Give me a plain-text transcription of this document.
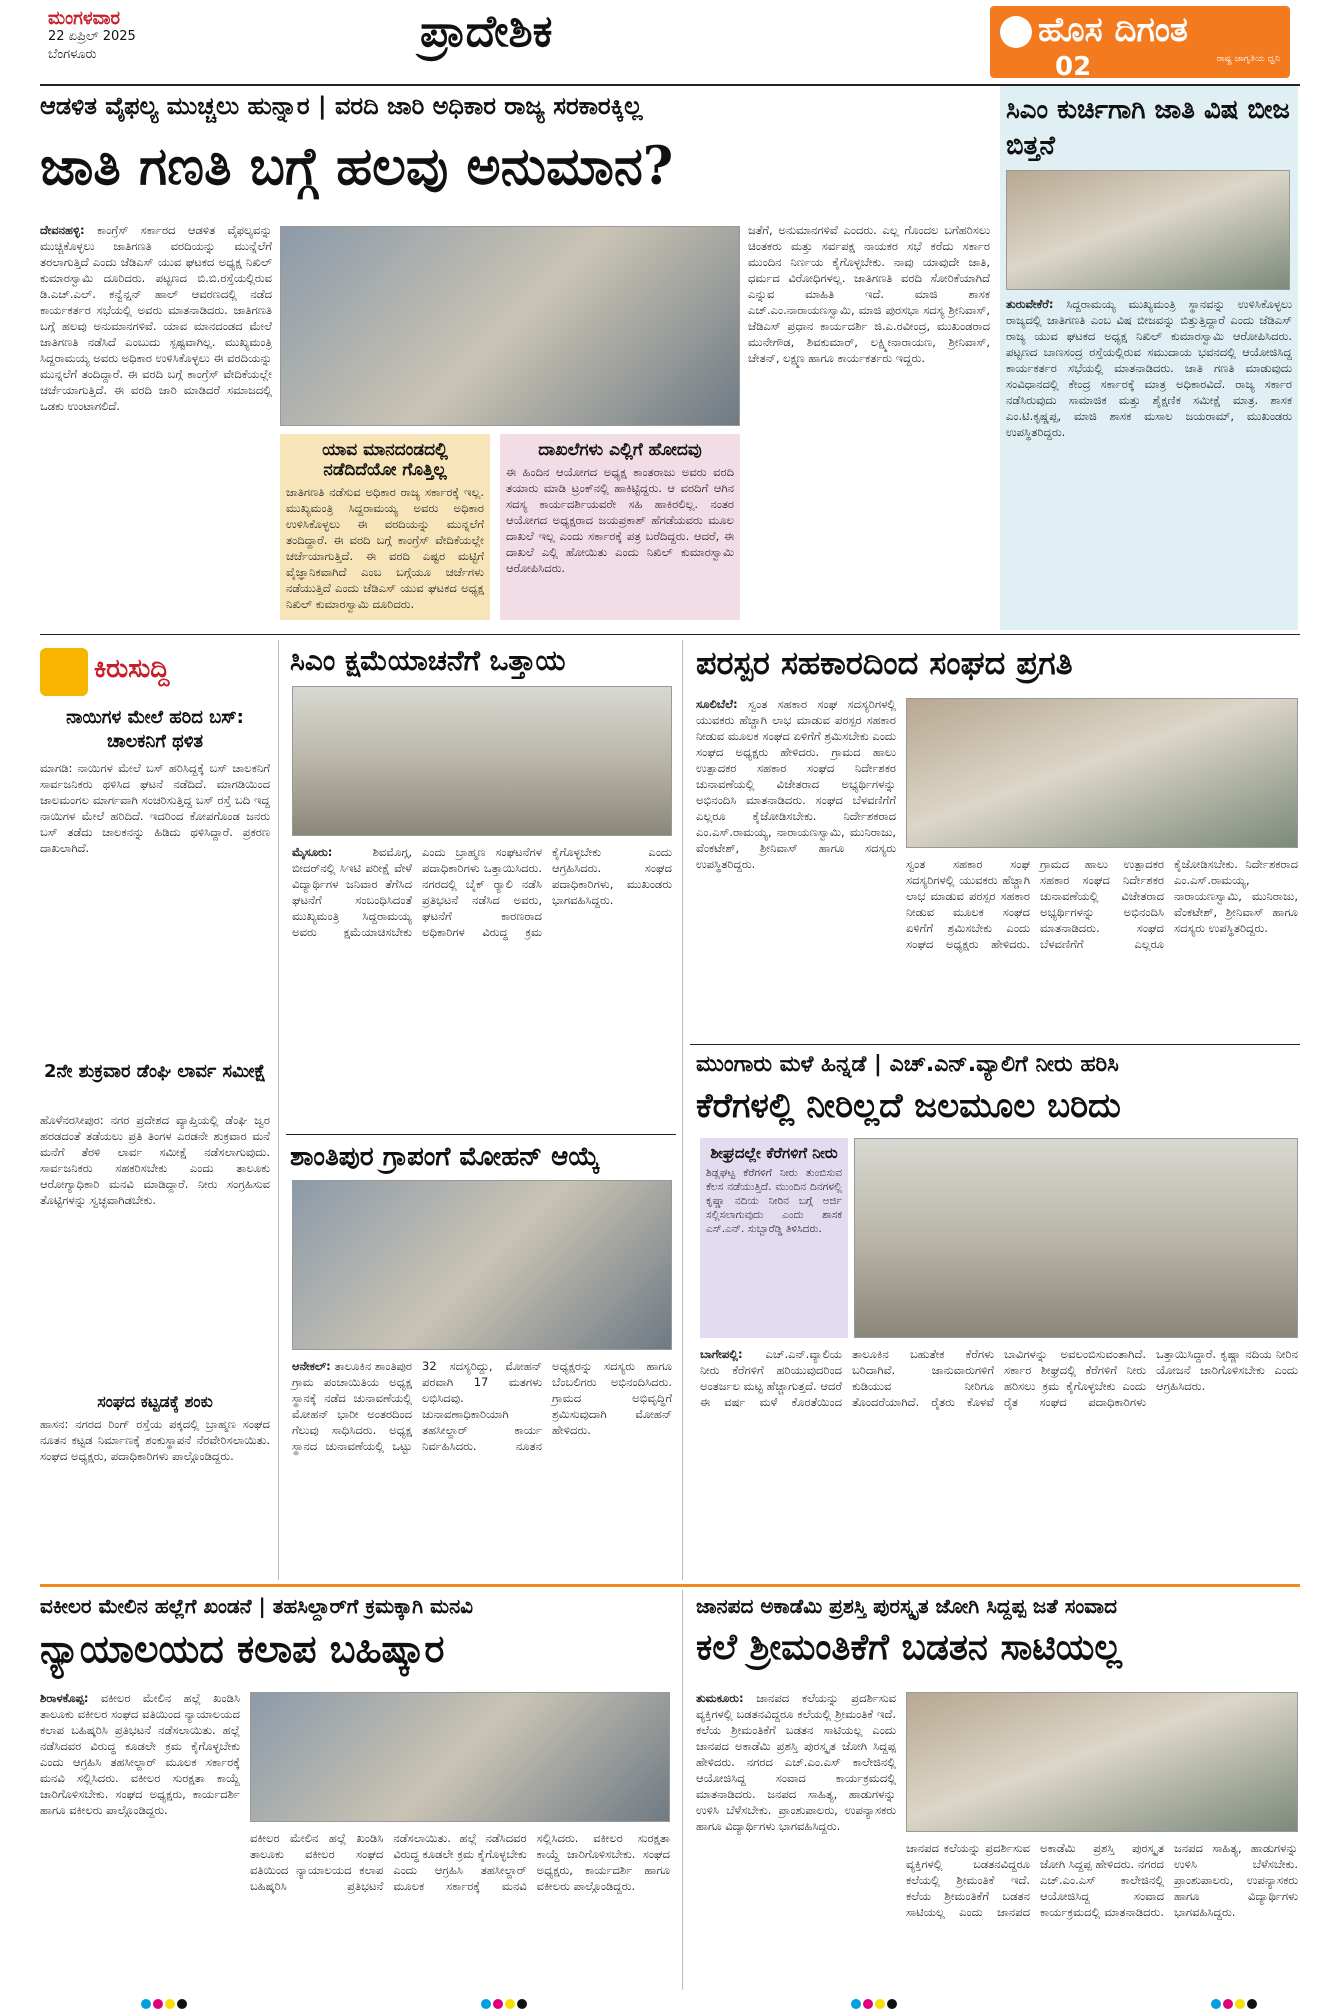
ಮಂಗಳವಾರ
22 ಏಪ್ರಿಲ್ 2025
ಬೆಂಗಳೂರು	ಪ್ರಾದೇಶಿಕ	ಹೊಸ ದಿಗಂತ
ರಾಷ್ಟ್ರ ಜಾಗೃತಿಯ ಧ್ವನಿ
02
ಆಡಳಿತ ವೈಫಲ್ಯ ಮುಚ್ಚಲು ಹುನ್ನಾರ | ವರದಿ ಜಾರಿ ಅಧಿಕಾರ ರಾಜ್ಯ ಸರಕಾರಕ್ಕಿಲ್ಲ
ಜಾತಿ ಗಣತಿ ಬಗ್ಗೆ ಹಲವು ಅನುಮಾನ?
ದೇವನಹಳ್ಳಿ: ಕಾಂಗ್ರೆಸ್ ಸರ್ಕಾರದ ಆಡಳಿತ ವೈಫಲ್ಯವನ್ನು ಮುಚ್ಚಿಕೊಳ್ಳಲು ಜಾತಿಗಣತಿ ವರದಿಯನ್ನು ಮುನ್ನೆಲೆಗೆ ತರಲಾಗುತ್ತಿದೆ ಎಂದು ಜೆಡಿಎಸ್ ಯುವ ಘಟಕದ ಅಧ್ಯಕ್ಷ ನಿಖಿಲ್ ಕುಮಾರಸ್ವಾಮಿ ದೂರಿದರು. ಪಟ್ಟಣದ ಬಿ.ಬಿ.ರಸ್ತೆಯಲ್ಲಿರುವ ಡಿ.ಎಚ್.ಎಲ್. ಕನ್ವೆನ್ಷನ್ ಹಾಲ್ ಆವರಣದಲ್ಲಿ ನಡೆದ ಕಾರ್ಯಕರ್ತರ ಸಭೆಯಲ್ಲಿ ಅವರು ಮಾತನಾಡಿದರು. ಜಾತಿಗಣತಿ ಬಗ್ಗೆ ಹಲವು ಅನುಮಾನಗಳಿವೆ. ಯಾವ ಮಾನದಂಡದ ಮೇಲೆ ಜಾತಿಗಣತಿ ನಡೆಸಿದೆ ಎಂಬುದು ಸ್ಪಷ್ಟವಾಗಿಲ್ಲ. ಮುಖ್ಯಮಂತ್ರಿ ಸಿದ್ದರಾಮಯ್ಯ ಅವರು ಅಧಿಕಾರ ಉಳಿಸಿಕೊಳ್ಳಲು ಈ ವರದಿಯನ್ನು ಮುನ್ನಲೆಗೆ ತಂದಿದ್ದಾರೆ. ಈ ವರದಿ ಬಗ್ಗೆ ಕಾಂಗ್ರೆಸ್ ವೇದಿಕೆಯಲ್ಲೇ ಚರ್ಚೆಯಾಗುತ್ತಿದೆ. ಈ ವರದಿ ಜಾರಿ ಮಾಡಿದರೆ ಸಮಾಜದಲ್ಲಿ ಒಡಕು ಉಂಟಾಗಲಿದೆ.
ಯಾವ ಮಾನದಂಡದಲ್ಲಿ ನಡೆದಿದೆಯೋ ಗೊತ್ತಿಲ್ಲ
ಜಾತಿಗಣತಿ ನಡೆಸುವ ಅಧಿಕಾರ ರಾಜ್ಯ ಸರ್ಕಾರಕ್ಕೆ ಇಲ್ಲ. ಮುಖ್ಯಮಂತ್ರಿ ಸಿದ್ದರಾಮಯ್ಯ ಅವರು ಅಧಿಕಾರ ಉಳಿಸಿಕೊಳ್ಳಲು ಈ ವರದಿಯನ್ನು ಮುನ್ನಲೆಗೆ ತಂದಿದ್ದಾರೆ. ಈ ವರದಿ ಬಗ್ಗೆ ಕಾಂಗ್ರೆಸ್ ವೇದಿಕೆಯಲ್ಲೇ ಚರ್ಚೆಯಾಗುತ್ತಿದೆ. ಈ ವರದಿ ಎಷ್ಟರ ಮಟ್ಟಿಗೆ ವೈಜ್ಞಾನಿಕವಾಗಿದೆ ಎಂಬ ಬಗ್ಗೆಯೂ ಚರ್ಚೆಗಳು ನಡೆಯುತ್ತಿದೆ ಎಂದು ಜೆಡಿಎಸ್ ಯುವ ಘಟಕದ ಅಧ್ಯಕ್ಷ ನಿಖಿಲ್ ಕುಮಾರಸ್ವಾಮಿ ದೂರಿದರು.
ದಾಖಲೆಗಳು ಎಲ್ಲಿಗೆ ಹೋದವು
ಈ ಹಿಂದಿನ ಆಯೋಗದ ಅಧ್ಯಕ್ಷ ಕಾಂತರಾಜು ಅವರು ವರದಿ ತಯಾರು ಮಾಡಿ ಟ್ರಂಕ್‌ನಲ್ಲಿ ಹಾಕಿಟ್ಟಿದ್ದರು. ಆ ವರದಿಗೆ ಆಗಿನ ಸದಸ್ಯ ಕಾರ್ಯದರ್ಶಿಯವರೇ ಸಹಿ ಹಾಕಿರಲಿಲ್ಲ. ನಂತರ ಆಯೋಗದ ಅಧ್ಯಕ್ಷರಾದ ಜಯಪ್ರಕಾಶ್ ಹೆಗಡೆಯವರು ಮೂಲ ದಾಖಲೆ ಇಲ್ಲ ಎಂದು ಸರ್ಕಾರಕ್ಕೆ ಪತ್ರ ಬರೆದಿದ್ದರು. ಆದರೆ, ಈ ದಾಖಲೆ ಎಲ್ಲಿ ಹೋಯಿತು ಎಂದು ನಿಖಿಲ್ ಕುಮಾರಸ್ವಾಮಿ ಆರೋಪಿಸಿದರು.
ಜತೆಗೆ, ಅನುಮಾನಗಳಿವೆ ಎಂದರು. ಎಲ್ಲ ಗೊಂದಲ ಬಗೆಹರಿಸಲು ಚಿಂತಕರು ಮತ್ತು ಸರ್ವಪಕ್ಷ ನಾಯಕರ ಸಭೆ ಕರೆದು ಸರ್ಕಾರ ಮುಂದಿನ ನಿರ್ಣಯ ಕೈಗೊಳ್ಳಬೇಕು. ನಾವು ಯಾವುದೇ ಜಾತಿ, ಧರ್ಮದ ವಿರೋಧಿಗಳಲ್ಲ. ಜಾತಿಗಣತಿ ವರದಿ ಸೋರಿಕೆಯಾಗಿದೆ ಎನ್ನುವ ಮಾಹಿತಿ ಇದೆ. ಮಾಜಿ ಶಾಸಕ ಎಚ್.ಎಂ.ನಾರಾಯಣಸ್ವಾಮಿ, ಮಾಜಿ ಪುರಸಭಾ ಸದಸ್ಯ ಶ್ರೀನಿವಾಸ್, ಜೆಡಿಎಸ್ ಪ್ರಧಾನ ಕಾರ್ಯದರ್ಶಿ ಜಿ.ಎ.ರವೀಂದ್ರ, ಮುಖಂಡರಾದ ಮುನೇಗೌಡ, ಶಿವಕುಮಾರ್, ಲಕ್ಷ್ಮೀನಾರಾಯಣ, ಶ್ರೀನಿವಾಸ್, ಚೇತನ್, ಲಕ್ಷ್ಮಣ ಹಾಗೂ ಕಾರ್ಯಕರ್ತರು ಇದ್ದರು.
ಸಿಎಂ ಕುರ್ಚಿಗಾಗಿ ಜಾತಿ ವಿಷ ಬೀಜ ಬಿತ್ತನೆ
ತುರುವೇಕೆರೆ: ಸಿದ್ದರಾಮಯ್ಯ ಮುಖ್ಯಮಂತ್ರಿ ಸ್ಥಾನವನ್ನು ಉಳಿಸಿಕೊಳ್ಳಲು ರಾಜ್ಯದಲ್ಲಿ ಜಾತಿಗಣತಿ ಎಂಬ ವಿಷ ಬೀಜವನ್ನು ಬಿತ್ತುತ್ತಿದ್ದಾರೆ ಎಂದು ಜೆಡಿಎಸ್ ರಾಜ್ಯ ಯುವ ಘಟಕದ ಅಧ್ಯಕ್ಷ ನಿಖಿಲ್ ಕುಮಾರಸ್ವಾಮಿ ಆರೋಪಿಸಿದರು. ಪಟ್ಟಣದ ಬಾಣಸಂದ್ರ ರಸ್ತೆಯಲ್ಲಿರುವ ಸಮುದಾಯ ಭವನದಲ್ಲಿ ಆಯೋಜಿಸಿದ್ದ ಕಾರ್ಯಕರ್ತರ ಸಭೆಯಲ್ಲಿ ಮಾತನಾಡಿದರು. ಜಾತಿ ಗಣತಿ ಮಾಡುವುದು ಸಂವಿಧಾನದಲ್ಲಿ ಕೇಂದ್ರ ಸರ್ಕಾರಕ್ಕೆ ಮಾತ್ರ ಅಧಿಕಾರವಿದೆ. ರಾಜ್ಯ ಸರ್ಕಾರ ನಡೆಸಿರುವುದು ಸಾಮಾಜಿಕ ಮತ್ತು ಶೈಕ್ಷಣಿಕ ಸಮೀಕ್ಷೆ ಮಾತ್ರ. ಶಾಸಕ ಎಂ.ಟಿ.ಕೃಷ್ಣಪ್ಪ, ಮಾಜಿ ಶಾಸಕ ಮಸಾಲ ಜಯರಾಮ್, ಮುಖಂಡರು ಉಪಸ್ಥಿತರಿದ್ದರು.
ಕಿರುಸುದ್ದಿ
ನಾಯಿಗಳ ಮೇಲೆ ಹರಿದ ಬಸ್: ಚಾಲಕನಿಗೆ ಥಳಿತ
ಮಾಗಡಿ: ನಾಯಿಗಳ ಮೇಲೆ ಬಸ್ ಹರಿಸಿದ್ದಕ್ಕೆ ಬಸ್ ಚಾಲಕನಿಗೆ ಸಾರ್ವಜನಿಕರು ಥಳಿಸಿದ ಘಟನೆ ನಡೆದಿದೆ. ಮಾಗಡಿಯಿಂದ ಜಾಲಮಂಗಲ ಮಾರ್ಗವಾಗಿ ಸಂಚರಿಸುತ್ತಿದ್ದ ಬಸ್ ರಸ್ತೆ ಬದಿ ಇದ್ದ ನಾಯಿಗಳ ಮೇಲೆ ಹರಿದಿದೆ. ಇದರಿಂದ ಕೋಪಗೊಂಡ ಜನರು ಬಸ್ ತಡೆದು ಚಾಲಕನನ್ನು ಹಿಡಿದು ಥಳಿಸಿದ್ದಾರೆ. ಪ್ರಕರಣ ದಾಖಲಾಗಿದೆ.
2ನೇ ಶುಕ್ರವಾರ ಡೆಂಘಿ ಲಾರ್ವ ಸಮೀಕ್ಷೆ
ಹೊಳೆನರಸೀಪುರ: ನಗರ ಪ್ರದೇಶದ ವ್ಯಾಪ್ತಿಯಲ್ಲಿ ಡೆಂಘಿ ಜ್ವರ ಹರಡದಂತೆ ತಡೆಯಲು ಪ್ರತಿ ತಿಂಗಳ ಎರಡನೇ ಶುಕ್ರವಾರ ಮನೆ ಮನೆಗೆ ತೆರಳಿ ಲಾರ್ವ ಸಮೀಕ್ಷೆ ನಡೆಸಲಾಗುವುದು. ಸಾರ್ವಜನಿಕರು ಸಹಕರಿಸಬೇಕು ಎಂದು ತಾಲೂಕು ಆರೋಗ್ಯಾಧಿಕಾರಿ ಮನವಿ ಮಾಡಿದ್ದಾರೆ. ನೀರು ಸಂಗ್ರಹಿಸುವ ತೊಟ್ಟಿಗಳನ್ನು ಸ್ವಚ್ಛವಾಗಿಡಬೇಕು.
ಸಂಘದ ಕಟ್ಟಡಕ್ಕೆ ಶಂಕು
ಹಾಸನ: ನಗರದ ರಿಂಗ್ ರಸ್ತೆಯ ಪಕ್ಕದಲ್ಲಿ ಬ್ರಾಹ್ಮಣ ಸಂಘದ ನೂತನ ಕಟ್ಟಡ ನಿರ್ಮಾಣಕ್ಕೆ ಶಂಕುಸ್ಥಾಪನೆ ನೆರವೇರಿಸಲಾಯಿತು. ಸಂಘದ ಅಧ್ಯಕ್ಷರು, ಪದಾಧಿಕಾರಿಗಳು ಪಾಲ್ಗೊಂಡಿದ್ದರು.
ಸಿಎಂ ಕ್ಷಮೆಯಾಚನೆಗೆ ಒತ್ತಾಯ
ಮೈಸೂರು:	ಶಿವಮೊಗ್ಗ, ಬೀದರ್‌ನಲ್ಲಿ ಸಿಇಟಿ ಪರೀಕ್ಷೆ ವೇಳೆ ವಿದ್ಯಾರ್ಥಿಗಳ ಜನಿವಾರ ತೆಗೆಸಿದ ಘಟನೆಗೆ ಸಂಬಂಧಿಸಿದಂತೆ ಮುಖ್ಯಮಂತ್ರಿ ಸಿದ್ದರಾಮಯ್ಯ ಅವರು ಕ್ಷಮೆಯಾಚಿಸಬೇಕು ಎಂದು ಬ್ರಾಹ್ಮಣ ಸಂಘಟನೆಗಳ ಪದಾಧಿಕಾರಿಗಳು ಒತ್ತಾಯಿಸಿದರು. ನಗರದಲ್ಲಿ ಬೈಕ್ ರ‍್ಯಾಲಿ ನಡೆಸಿ ಪ್ರತಿಭಟನೆ ನಡೆಸಿದ ಅವರು, ಘಟನೆಗೆ ಕಾರಣರಾದ ಅಧಿಕಾರಿಗಳ ವಿರುದ್ಧ ಕ್ರಮ ಕೈಗೊಳ್ಳಬೇಕು ಎಂದು ಆಗ್ರಹಿಸಿದರು. ಸಂಘದ ಪದಾಧಿಕಾರಿಗಳು, ಮುಖಂಡರು ಭಾಗವಹಿಸಿದ್ದರು.
ಶಾಂತಿಪುರ ಗ್ರಾಪಂಗೆ ಮೋಹನ್ ಆಯ್ಕೆ
ಆನೇಕಲ್: ತಾಲೂಕಿನ ಶಾಂತಿಪುರ ಗ್ರಾಮ ಪಂಚಾಯಿತಿಯ ಅಧ್ಯಕ್ಷ ಸ್ಥಾನಕ್ಕೆ ನಡೆದ ಚುನಾವಣೆಯಲ್ಲಿ ಮೋಹನ್ ಭಾರೀ ಅಂತರದಿಂದ ಗೆಲುವು ಸಾಧಿಸಿದರು. ಅಧ್ಯಕ್ಷ ಸ್ಥಾನದ ಚುನಾವಣೆಯಲ್ಲಿ ಒಟ್ಟು 32 ಸದಸ್ಯರಿದ್ದು, ಮೋಹನ್ ಪರವಾಗಿ 17 ಮತಗಳು ಲಭಿಸಿದವು. ಚುನಾವಣಾಧಿಕಾರಿಯಾಗಿ ತಹಸೀಲ್ದಾರ್ ಕಾರ್ಯ ನಿರ್ವಹಿಸಿದರು. ನೂತನ ಅಧ್ಯಕ್ಷರನ್ನು ಸದಸ್ಯರು ಹಾಗೂ ಬೆಂಬಲಿಗರು ಅಭಿನಂದಿಸಿದರು. ಗ್ರಾಮದ ಅಭಿವೃದ್ಧಿಗೆ ಶ್ರಮಿಸುವುದಾಗಿ ಮೋಹನ್ ಹೇಳಿದರು.
ಪರಸ್ಪರ ಸಹಕಾರದಿಂದ ಸಂಘದ ಪ್ರಗತಿ
ಸೂಲಿಬೆಲೆ: ಸ್ವಂತ ಸಹಕಾರ ಸಂಘ ಸದಸ್ಯರಿಗಳಲ್ಲಿ ಯುವಕರು ಹೆಚ್ಚಾಗಿ ಲಾಭ ಮಾಡುವ ಪರಸ್ಪರ ಸಹಕಾರ ನೀಡುವ ಮೂಲಕ ಸಂಘದ ಏಳಿಗೆಗೆ ಶ್ರಮಿಸಬೇಕು ಎಂದು ಸಂಘದ ಅಧ್ಯಕ್ಷರು ಹೇಳಿದರು. ಗ್ರಾಮದ ಹಾಲು ಉತ್ಪಾದಕರ ಸಹಕಾರ ಸಂಘದ ನಿರ್ದೇಶಕರ ಚುನಾವಣೆಯಲ್ಲಿ ವಿಜೇತರಾದ ಅಭ್ಯರ್ಥಿಗಳನ್ನು ಅಭಿನಂದಿಸಿ ಮಾತನಾಡಿದರು. ಸಂಘದ ಬೆಳವಣಿಗೆಗೆ ಎಲ್ಲರೂ ಕೈಜೋಡಿಸಬೇಕು. ನಿರ್ದೇಶಕರಾದ ಎಂ.ಎಸ್.ರಾಮಯ್ಯ, ನಾರಾಯಣಸ್ವಾಮಿ, ಮುನಿರಾಜು, ವೆಂಕಟೇಶ್, ಶ್ರೀನಿವಾಸ್ ಹಾಗೂ ಸದಸ್ಯರು ಉಪಸ್ಥಿತರಿದ್ದರು.	ಸ್ವಂತ ಸಹಕಾರ ಸಂಘ ಸದಸ್ಯರಿಗಳಲ್ಲಿ ಯುವಕರು ಹೆಚ್ಚಾಗಿ ಲಾಭ ಮಾಡುವ ಪರಸ್ಪರ ಸಹಕಾರ ನೀಡುವ ಮೂಲಕ ಸಂಘದ ಏಳಿಗೆಗೆ ಶ್ರಮಿಸಬೇಕು ಎಂದು ಸಂಘದ ಅಧ್ಯಕ್ಷರು ಹೇಳಿದರು. ಗ್ರಾಮದ ಹಾಲು ಉತ್ಪಾದಕರ ಸಹಕಾರ ಸಂಘದ ನಿರ್ದೇಶಕರ ಚುನಾವಣೆಯಲ್ಲಿ ವಿಜೇತರಾದ ಅಭ್ಯರ್ಥಿಗಳನ್ನು ಅಭಿನಂದಿಸಿ ಮಾತನಾಡಿದರು. ಸಂಘದ ಬೆಳವಣಿಗೆಗೆ ಎಲ್ಲರೂ ಕೈಜೋಡಿಸಬೇಕು. ನಿರ್ದೇಶಕರಾದ ಎಂ.ಎಸ್.ರಾಮಯ್ಯ, ನಾರಾಯಣಸ್ವಾಮಿ, ಮುನಿರಾಜು, ವೆಂಕಟೇಶ್, ಶ್ರೀನಿವಾಸ್ ಹಾಗೂ ಸದಸ್ಯರು ಉಪಸ್ಥಿತರಿದ್ದರು.
ಮುಂಗಾರು ಮಳೆ ಹಿನ್ನಡೆ | ಎಚ್.ಎನ್.ವ್ಯಾಲಿಗೆ ನೀರು ಹರಿಸಿ
ಕೆರೆಗಳಲ್ಲಿ ನೀರಿಲ್ಲದೆ ಜಲಮೂಲ ಬರಿದು
ಶೀಘ್ರದಲ್ಲೇ ಕೆರೆಗಳಿಗೆ ನೀರು
ಶಿಡ್ಲಘಟ್ಟ ಕೆರೆಗಳಿಗೆ ನೀರು ತುಂಬಿಸುವ ಕೆಲಸ ನಡೆಯುತ್ತಿದೆ. ಮುಂದಿನ ದಿನಗಳಲ್ಲಿ ಕೃಷ್ಣಾ ನದಿಯ ನೀರಿನ ಬಗ್ಗೆ ಅರ್ಜಿ ಸಲ್ಲಿಸಲಾಗುವುದು ಎಂದು ಶಾಸಕ ಎಸ್.ಎನ್. ಸುಬ್ಬಾರೆಡ್ಡಿ ತಿಳಿಸಿದರು.
ಬಾಗೇಪಲ್ಲಿ: ಎಚ್.ಎನ್.ವ್ಯಾಲಿಯ ನೀರು ಕೆರೆಗಳಿಗೆ ಹರಿಯುವುದರಿಂದ ಅಂತರ್ಜಲ ಮಟ್ಟ ಹೆಚ್ಚಾಗುತ್ತದೆ. ಆದರೆ ಈ ವರ್ಷ ಮಳೆ ಕೊರತೆಯಿಂದ ತಾಲೂಕಿನ ಬಹುತೇಕ ಕೆರೆಗಳು ಬರಿದಾಗಿವೆ. ಜಾನುವಾರುಗಳಿಗೆ ಕುಡಿಯುವ ನೀರಿಗೂ ತೊಂದರೆಯಾಗಿದೆ. ರೈತರು ಕೊಳವೆ ಬಾವಿಗಳನ್ನು ಅವಲಂಬಿಸುವಂತಾಗಿದೆ. ಸರ್ಕಾರ ಶೀಘ್ರದಲ್ಲಿ ಕೆರೆಗಳಿಗೆ ನೀರು ಹರಿಸಲು ಕ್ರಮ ಕೈಗೊಳ್ಳಬೇಕು ಎಂದು ರೈತ ಸಂಘದ ಪದಾಧಿಕಾರಿಗಳು ಒತ್ತಾಯಿಸಿದ್ದಾರೆ. ಕೃಷ್ಣಾ ನದಿಯ ನೀರಿನ ಯೋಜನೆ ಜಾರಿಗೊಳಿಸಬೇಕು ಎಂದು ಆಗ್ರಹಿಸಿದರು.
ವಕೀಲರ ಮೇಲಿನ ಹಲ್ಲೆಗೆ ಖಂಡನೆ | ತಹಸಿಲ್ದಾರ್‌ಗೆ ಕ್ರಮಕ್ಕಾಗಿ ಮನವಿ
ನ್ಯಾಯಾಲಯದ ಕಲಾಪ ಬಹಿಷ್ಕಾರ
ಶಿರಾಳಕೊಪ್ಪ: ವಕೀಲರ ಮೇಲಿನ ಹಲ್ಲೆ ಖಂಡಿಸಿ ತಾಲೂಕು ವಕೀಲರ ಸಂಘದ ವತಿಯಿಂದ ನ್ಯಾಯಾಲಯದ ಕಲಾಪ ಬಹಿಷ್ಕರಿಸಿ ಪ್ರತಿಭಟನೆ ನಡೆಸಲಾಯಿತು. ಹಲ್ಲೆ ನಡೆಸಿದವರ ವಿರುದ್ಧ ಕೂಡಲೇ ಕ್ರಮ ಕೈಗೊಳ್ಳಬೇಕು ಎಂದು ಆಗ್ರಹಿಸಿ ತಹಸೀಲ್ದಾರ್ ಮೂಲಕ ಸರ್ಕಾರಕ್ಕೆ ಮನವಿ ಸಲ್ಲಿಸಿದರು. ವಕೀಲರ ಸುರಕ್ಷತಾ ಕಾಯ್ದೆ ಜಾರಿಗೊಳಿಸಬೇಕು. ಸಂಘದ ಅಧ್ಯಕ್ಷರು, ಕಾರ್ಯದರ್ಶಿ ಹಾಗೂ ವಕೀಲರು ಪಾಲ್ಗೊಂಡಿದ್ದರು.
ವಕೀಲರ ಮೇಲಿನ ಹಲ್ಲೆ ಖಂಡಿಸಿ ತಾಲೂಕು ವಕೀಲರ ಸಂಘದ ವತಿಯಿಂದ ನ್ಯಾಯಾಲಯದ ಕಲಾಪ ಬಹಿಷ್ಕರಿಸಿ ಪ್ರತಿಭಟನೆ ನಡೆಸಲಾಯಿತು. ಹಲ್ಲೆ ನಡೆಸಿದವರ ವಿರುದ್ಧ ಕೂಡಲೇ ಕ್ರಮ ಕೈಗೊಳ್ಳಬೇಕು ಎಂದು ಆಗ್ರಹಿಸಿ ತಹಸೀಲ್ದಾರ್ ಮೂಲಕ ಸರ್ಕಾರಕ್ಕೆ ಮನವಿ ಸಲ್ಲಿಸಿದರು. ವಕೀಲರ ಸುರಕ್ಷತಾ ಕಾಯ್ದೆ ಜಾರಿಗೊಳಿಸಬೇಕು. ಸಂಘದ ಅಧ್ಯಕ್ಷರು, ಕಾರ್ಯದರ್ಶಿ ಹಾಗೂ ವಕೀಲರು ಪಾಲ್ಗೊಂಡಿದ್ದರು.
ಜಾನಪದ ಅಕಾಡೆಮಿ ಪ್ರಶಸ್ತಿ ಪುರಸ್ಕೃತ ಜೋಗಿ ಸಿದ್ದಪ್ಪ ಜತೆ ಸಂವಾದ
ಕಲೆ ಶ್ರೀಮಂತಿಕೆಗೆ ಬಡತನ ಸಾಟಿಯಲ್ಲ
ತುಮಕೂರು: ಜಾನಪದ ಕಲೆಯನ್ನು ಪ್ರದರ್ಶಿಸುವ ವ್ಯಕ್ತಿಗಳಲ್ಲಿ ಬಡತನವಿದ್ದರೂ ಕಲೆಯಲ್ಲಿ ಶ್ರೀಮಂತಿಕೆ ಇದೆ. ಕಲೆಯ ಶ್ರೀಮಂತಿಕೆಗೆ ಬಡತನ ಸಾಟಿಯಲ್ಲ ಎಂದು ಜಾನಪದ ಅಕಾಡೆಮಿ ಪ್ರಶಸ್ತಿ ಪುರಸ್ಕೃತ ಜೋಗಿ ಸಿದ್ದಪ್ಪ ಹೇಳಿದರು. ನಗರದ ಎಚ್.ಎಂ.ಎಸ್ ಕಾಲೇಜಿನಲ್ಲಿ ಆಯೋಜಿಸಿದ್ದ ಸಂವಾದ ಕಾರ್ಯಕ್ರಮದಲ್ಲಿ ಮಾತನಾಡಿದರು. ಜನಪದ ಸಾಹಿತ್ಯ, ಹಾಡುಗಳನ್ನು ಉಳಿಸಿ ಬೆಳೆಸಬೇಕು. ಪ್ರಾಂಶುಪಾಲರು, ಉಪನ್ಯಾಸಕರು ಹಾಗೂ ವಿದ್ಯಾರ್ಥಿಗಳು ಭಾಗವಹಿಸಿದ್ದರು.
ಜಾನಪದ ಕಲೆಯನ್ನು ಪ್ರದರ್ಶಿಸುವ ವ್ಯಕ್ತಿಗಳಲ್ಲಿ ಬಡತನವಿದ್ದರೂ ಕಲೆಯಲ್ಲಿ ಶ್ರೀಮಂತಿಕೆ ಇದೆ. ಕಲೆಯ ಶ್ರೀಮಂತಿಕೆಗೆ ಬಡತನ ಸಾಟಿಯಲ್ಲ ಎಂದು ಜಾನಪದ ಅಕಾಡೆಮಿ ಪ್ರಶಸ್ತಿ ಪುರಸ್ಕೃತ ಜೋಗಿ ಸಿದ್ದಪ್ಪ ಹೇಳಿದರು. ನಗರದ ಎಚ್.ಎಂ.ಎಸ್ ಕಾಲೇಜಿನಲ್ಲಿ ಆಯೋಜಿಸಿದ್ದ ಸಂವಾದ ಕಾರ್ಯಕ್ರಮದಲ್ಲಿ ಮಾತನಾಡಿದರು. ಜನಪದ ಸಾಹಿತ್ಯ, ಹಾಡುಗಳನ್ನು ಉಳಿಸಿ ಬೆಳೆಸಬೇಕು. ಪ್ರಾಂಶುಪಾಲರು, ಉಪನ್ಯಾಸಕರು ಹಾಗೂ ವಿದ್ಯಾರ್ಥಿಗಳು ಭಾಗವಹಿಸಿದ್ದರು.
